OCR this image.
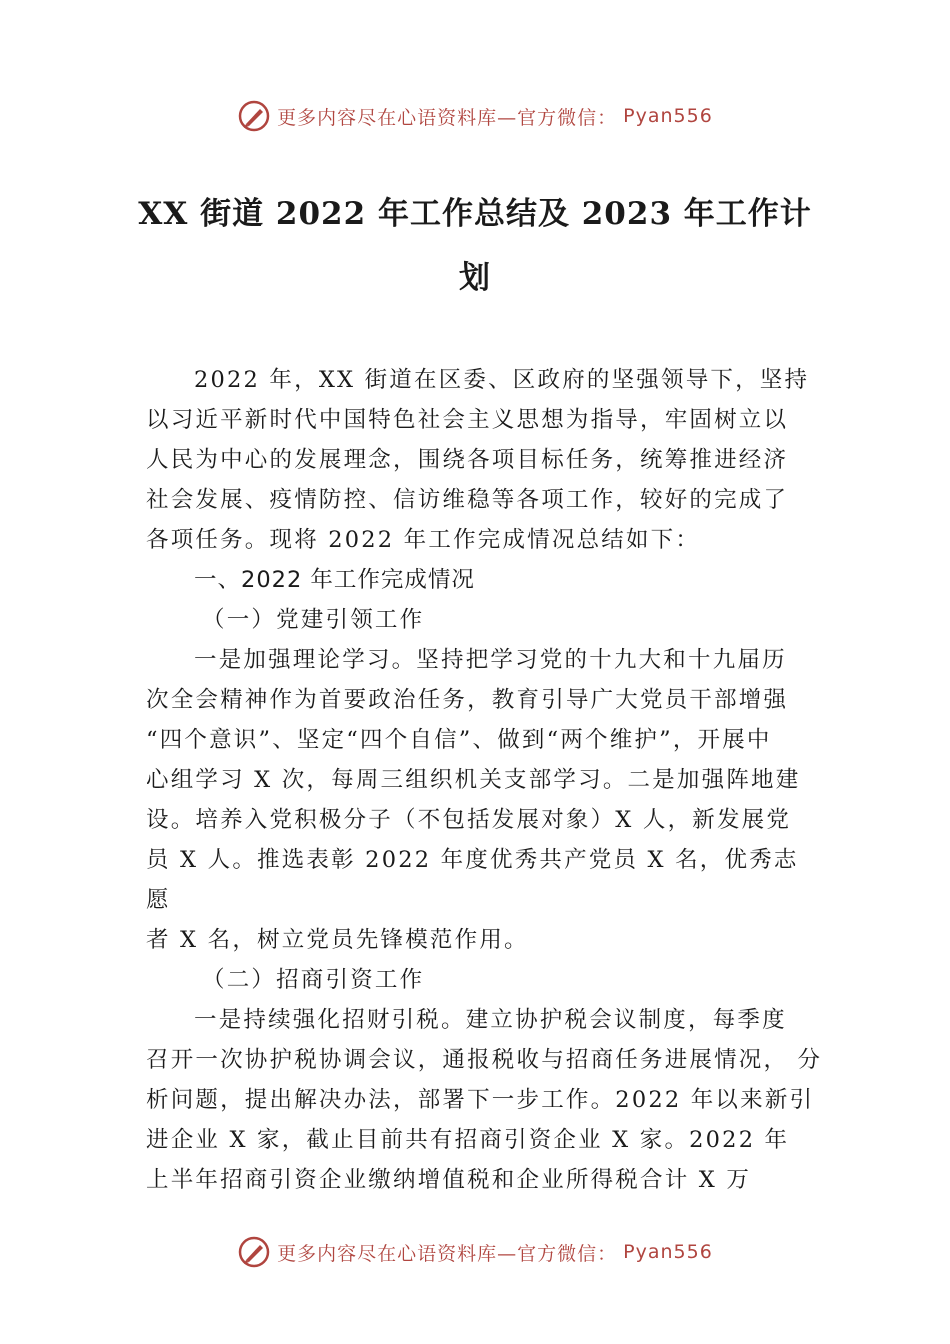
更多内容尽在心语资料库—官方微信： Pyan556
XX 街道 2022 年工作总结及 2023 年工作计
划
2022 年，XX 街道在区委、区政府的坚强领导下，坚持
以习近平新时代中国特色社会主义思想为指导，牢固树立以
人民为中心的发展理念，围绕各项目标任务，统筹推进经济
社会发展、疫情防控、信访维稳等各项工作，较好的完成了
各项任务。现将 2022 年工作完成情况总结如下：
一、2022 年工作完成情况
（一）党建引领工作
一是加强理论学习。坚持把学习党的十九大和十九届历
次全会精神作为首要政治任务，教育引导广大党员干部增强
“四个意识”、坚定“四个自信”、做到“两个维护”，开展中
心组学习 X 次，每周三组织机关支部学习。二是加强阵地建
设。培养入党积极分子（不包括发展对象）X 人，新发展党
员 X 人。推选表彰 2022 年度优秀共产党员 X 名，优秀志
愿
者 X 名，树立党员先锋模范作用。
（二）招商引资工作
一是持续强化招财引税。建立协护税会议制度，每季度
召开一次协护税协调会议，通报税收与招商任务进展情况， 分
析问题，提出解决办法，部署下一步工作。2022 年以来新引
进企业 X 家，截止目前共有招商引资企业 X 家。2022 年
上半年招商引资企业缴纳增值税和企业所得税合计 X 万
更多内容尽在心语资料库—官方微信： Pyan556
